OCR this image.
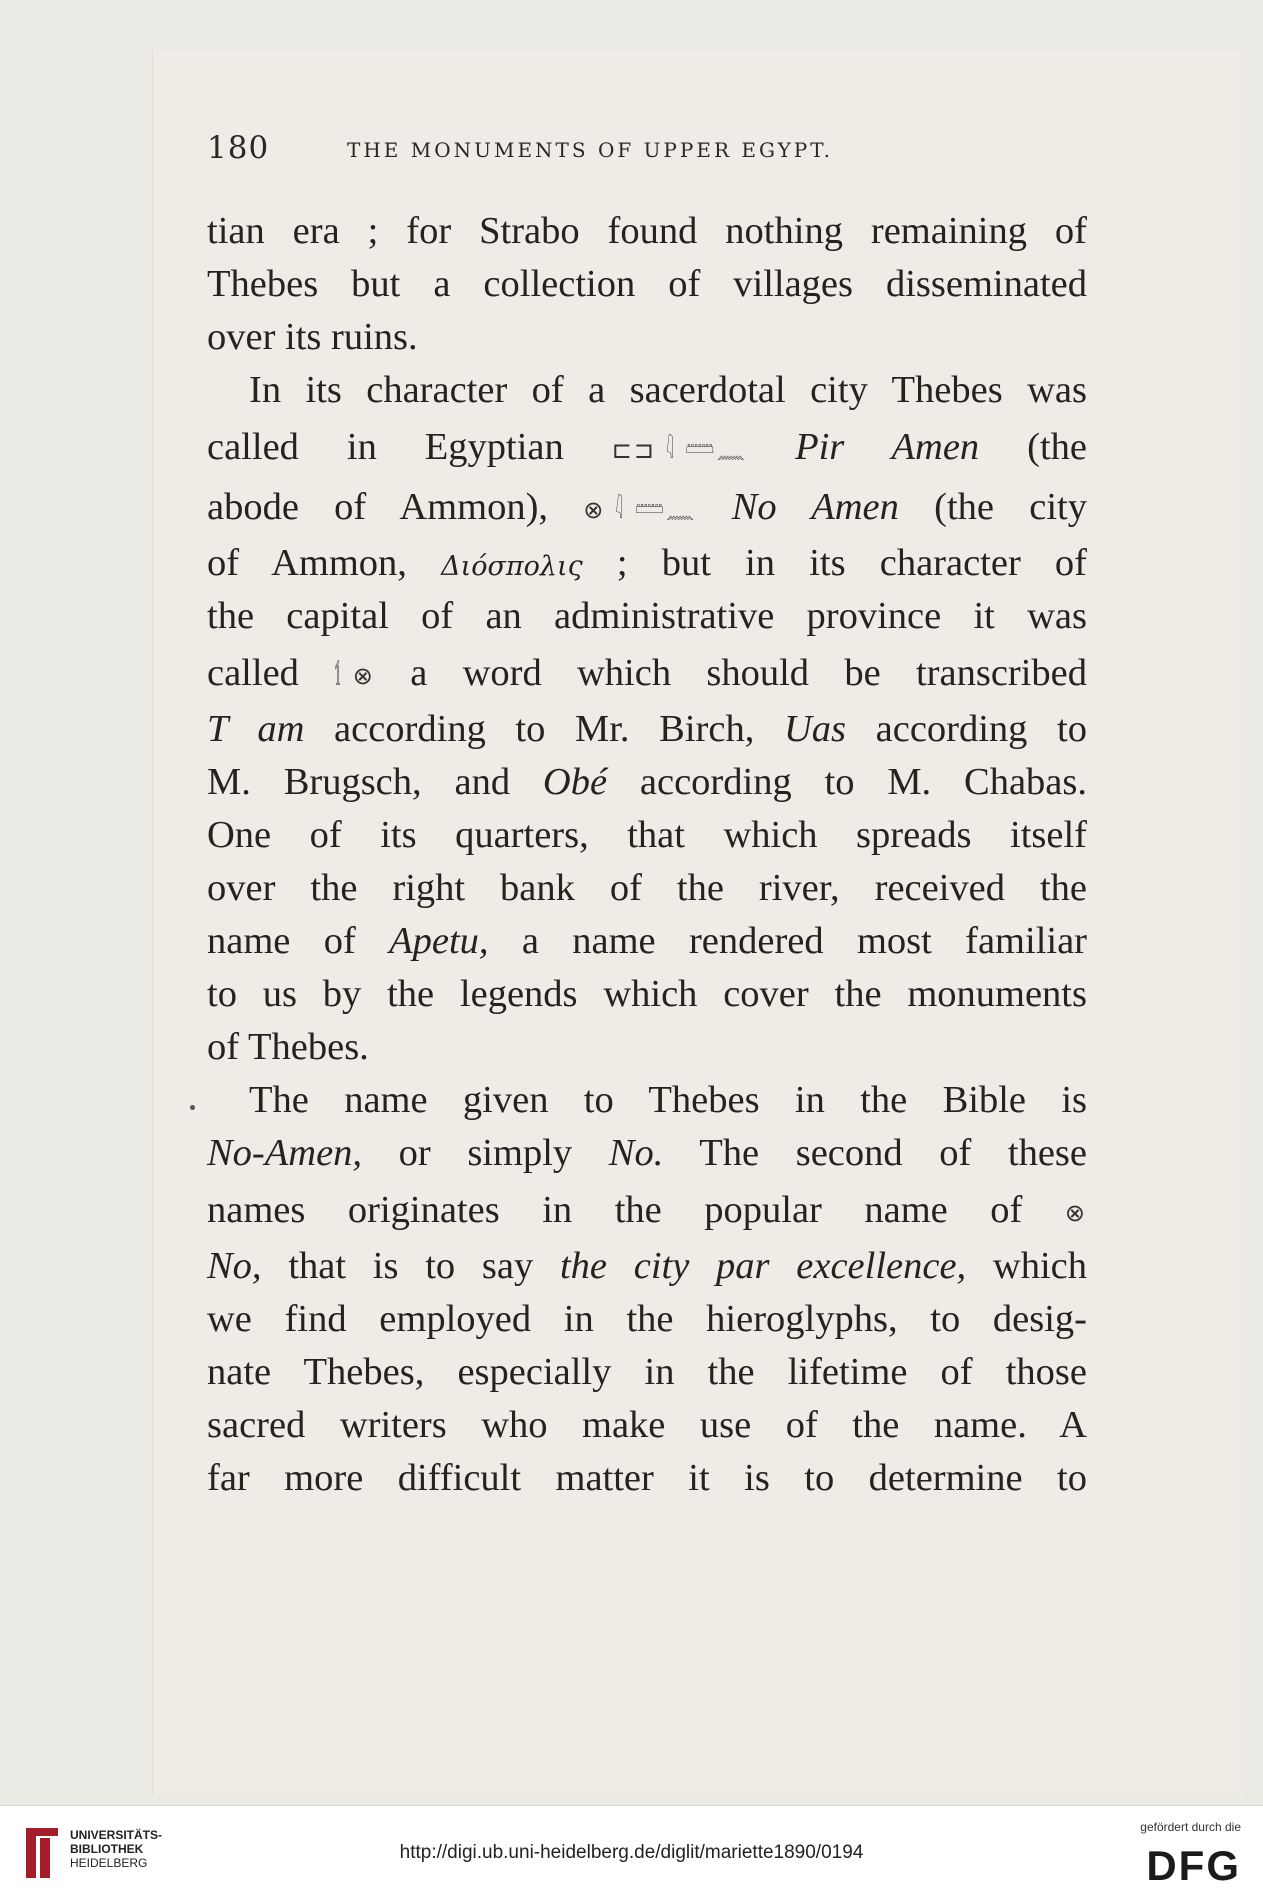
180	THE MONUMENTS OF UPPER EGYPT.
tian era ; for Strabo found nothing remaining of
Thebes but a collection of villages disseminated
over its ruins.
In its character of a sacerdotal city Thebes was
called in Egyptian ⊏⊐ 𓇋 𓏠𓈖 Pir Amen (the
abode of Ammon), ⊗ 𓇋 𓏠𓈖 No Amen (the city
of Ammon, Διόσπολις ; but in its character of
the capital of an administrative province it was
called 𓌀 ⊗ a word which should be transcribed
T am according to Mr. Birch, Uas according to
M. Brugsch, and Obé according to M. Chabas.
One of its quarters, that which spreads itself
over the right bank of the river, received the
name of Apetu, a name rendered most familiar
to us by the legends which cover the monuments
of Thebes.
The name given to Thebes in the Bible is
No-Amen, or simply No. The second of these
names originates in the popular name of ⊗
No, that is to say the city par excellence, which
we find employed in the hieroglyphs, to desig-
nate Thebes, especially in the lifetime of those
sacred writers who make use of the name. A
far more difficult matter it is to determine to
UNIVERSITÄTS-
BIBLIOTHEK
HEIDELBERG	http://digi.ub.uni-heidelberg.de/diglit/mariette1890/0194
gefördert durch die
DFG
